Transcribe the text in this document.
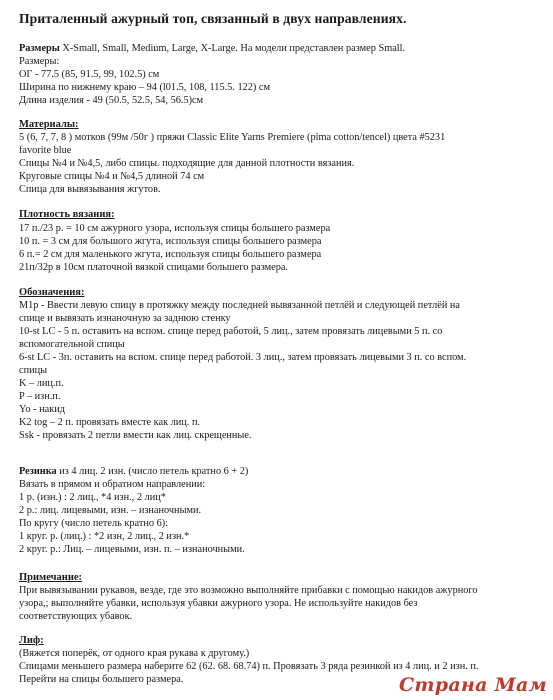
Приталенный ажурный топ, связанный в двух направлениях.
Размеры X-Small, Small, Medium, Large, X-Large. На модели представлен размер Small.
Размеры:
ОГ - 77.5 (85, 91.5, 99, 102.5) см
Ширина по нижнему краю – 94 (l01.5, 108, 115.5. 122) см
Длина изделия - 49 (50.5, 52.5, 54, 56.5)см
Материалы:
5 (6, 7, 7, 8 ) мотков (99м /50г ) пряжи Classic Elite Yarns Premiere (pima cotton/tencel) цвета #5231
favorite blue
Спицы №4 и №4,5, либо спицы. подходящие для данной плотности вязания.
Круговые спицы №4 и №4,5 длиной 74 см
Спица для вывязывания жгутов.
Плотность вязания:
17 п./23 р. = 10 см ажурного узора, используя спицы большего размера
10 п. = 3 см для большого жгута, используя спицы большего размера
6 п.= 2 см для маленького жгута, используя спицы большего размера
21п/32р в 10см платочной вязкой спицами большего размера.
Обозначения:
M1p - Ввести левую спицу в протяжку между последней вывязанной петлёй и следующей петлёй на
спице и вывязать изнаночную за заднюю стенку
10-st LC - 5 п. оставить на вспом. спице перед работой, 5 лиц., затем провязать лицевыми 5 п. со
вспомогательной спицы
6-st LC - 3п. оставить на вспом. спице перед работой. 3 лиц., затем провязать лицевыми 3 п. со вспом.
спицы
K – лиц.п.
P – изн.п.
Yo - накид
K2 tog – 2 п. провязать вместе как лиц. п.
Ssk - провязать 2 петли вмести как лиц. скрещенные.
Резинка из 4 лиц. 2 изн. (число петель кратно 6 + 2)
Вязать в прямом и обратном направлении:
1 р. (изн.) : 2 лиц., *4 изн., 2 лиц*
2 р.: лиц. лицевыми, изн. – изнаночными.
По кругу (число петель кратно 6):
1 круг. р. (лиц.) : *2 изн, 2 лиц., 2 изн.*
2 круг. р.: Лиц. – лицевыми, изн. п. – изнаночными.
Примечание:
При вывязывании рукавов, везде, где это возможно выполняйте прибавки с помощью накидов ажурного
узора,; выполняйте убавки, используя убавки ажурного узора. Не используйте накидов без
соответствующих убавок.
Лиф:
(Вяжется поперёк, от одного края рукава к другому.)
Спицами меньшего размера наберите 62 (62. 68. 68.74) п. Провязать 3 ряда резинкой из 4 лиц. и 2 изн. п.
Перейти на спицы большего размера.	Страна Мам
